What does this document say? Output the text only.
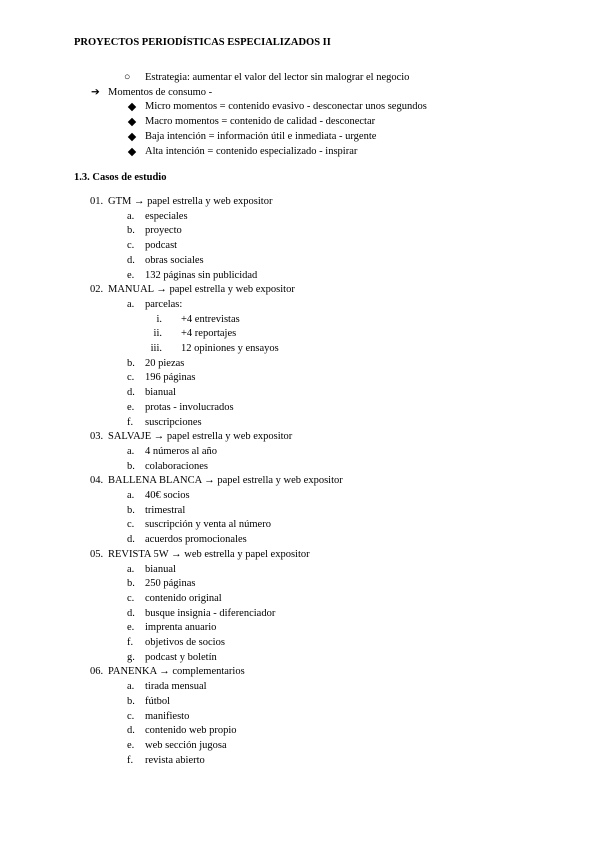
PROYECTOS PERIODÍSTICAS ESPECIALIZADOS II
○ Estrategia: aumentar el valor del lector sin malograr el negocio
➔ Momentos de consumo -
Micro momentos = contenido evasivo - desconectar unos segundos
Macro momentos = contenido de calidad - desconectar
Baja intención = información útil e inmediata - urgente
Alta intención = contenido especializado - inspirar
1.3. Casos de estudio
01. GTM → papel estrella y web expositor
a. especiales
b. proyecto
c. podcast
d. obras sociales
e. 132 páginas sin publicidad
02. MANUAL → papel estrella y web expositor
a. parcelas:
i. +4 entrevistas
ii. +4 reportajes
iii. 12 opiniones y ensayos
b. 20 piezas
c. 196 páginas
d. bianual
e. protas - involucrados
f. suscripciones
03. SALVAJE → papel estrella y web expositor
a. 4 números al año
b. colaboraciones
04. BALLENA BLANCA → papel estrella y web expositor
a. 40€ socios
b. trimestral
c. suscripción y venta al número
d. acuerdos promocionales
05. REVISTA 5W → web estrella y papel expositor
a. bianual
b. 250 páginas
c. contenido original
d. busque insignia - diferenciador
e. imprenta anuario
f. objetivos de socios
g. podcast y boletín
06. PANENKA → complementarios
a. tirada mensual
b. fútbol
c. manifiesto
d. contenido web propio
e. web sección jugosa
f. revista abierto
